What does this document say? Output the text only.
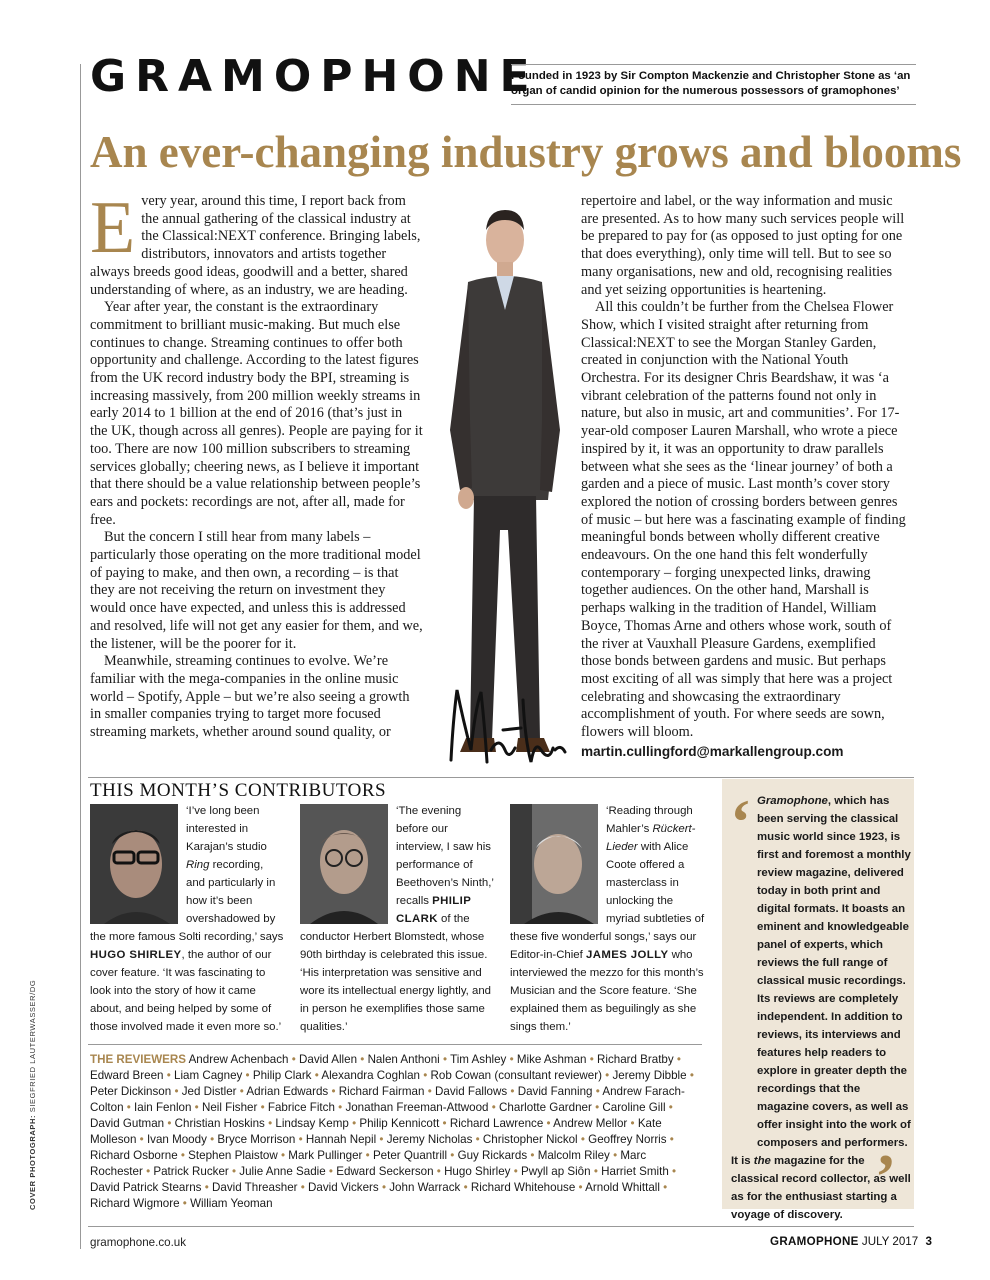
GRAMOPHONE
Founded in 1923 by Sir Compton Mackenzie and Christopher Stone as ‘an organ of candid opinion for the numerous possessors of gramophones’
An ever-changing industry grows and blooms

Every year, around this time, I report back from the annual gathering of the classical industry at the Classical:NEXT conference. Bringing labels, distributors, innovators and artists together always breeds good ideas, goodwill and a better, shared understanding of where, as an industry, we are heading.

Year after year, the constant is the extraordinary commitment to brilliant music-making. But much else continues to change. Streaming continues to offer both opportunity and challenge. According to the latest figures from the UK record industry body the BPI, streaming is increasing massively, from 200 million weekly streams in early 2014 to 1 billion at the end of 2016 (that’s just in the UK, though across all genres). People are paying for it too. There are now 100 million subscribers to streaming services globally; cheering news, as I believe it important that there should be a value relationship between people’s ears and pockets: recordings are not, after all, made for free.

But the concern I still hear from many labels – particularly those operating on the more traditional model of paying to make, and then own, a recording – is that they are not receiving the return on investment they would once have expected, and unless this is addressed and resolved, life will not get any easier for them, and we, the listener, will be the poorer for it.

Meanwhile, streaming continues to evolve. We’re familiar with the mega-companies in the online music world – Spotify, Apple – but we’re also seeing a growth in smaller companies trying to target more focused streaming markets, whether around sound quality, or

repertoire and label, or the way information and music are presented. As to how many such services people will be prepared to pay for (as opposed to just opting for one that does everything), only time will tell. But to see so many organisations, new and old, recognising realities and yet seizing opportunities is heartening.

All this couldn’t be further from the Chelsea Flower Show, which I visited straight after returning from Classical:NEXT to see the Morgan Stanley Garden, created in conjunction with the National Youth Orchestra. For its designer Chris Beardshaw, it was ‘a vibrant celebration of the patterns found not only in nature, but also in music, art and communities’. For 17-year-old composer Lauren Marshall, who wrote a piece inspired by it, it was an opportunity to draw parallels between what she sees as the ‘linear journey’ of both a garden and a piece of music. Last month’s cover story explored the notion of crossing borders between genres of music – but here was a fascinating example of finding meaningful bonds between wholly different creative endeavours. On the one hand this felt wonderfully contemporary – forging unexpected links, drawing together audiences. On the other hand, Marshall is perhaps walking in the tradition of Handel, William Boyce, Thomas Arne and others whose work, south of the river at Vauxhall Pleasure Gardens, exemplified those bonds between gardens and music. But perhaps most exciting of all was simply that here was a project celebrating and showcasing the extraordinary accomplishment of youth. For where seeds are sown, flowers will bloom.

martin.cullingford@markallengroup.com
THIS MONTH’S CONTRIBUTORS
‘I’ve long been interested in Karajan’s studio Ring recording, and particularly in how it’s been overshadowed by the more famous Solti recording,’ says HUGO SHIRLEY, the author of our cover feature. ‘It was fascinating to look into the story of how it came about, and being helped by some of those involved made it even more so.’
‘The evening before our interview, I saw his performance of Beethoven’s Ninth,’ recalls PHILIP CLARK of the conductor Herbert Blomstedt, whose 90th birthday is celebrated this issue. ‘His interpretation was sensitive and wore its intellectual energy lightly, and in person he exemplifies those same qualities.’
‘Reading through Mahler’s Rückert-Lieder with Alice Coote offered a masterclass in unlocking the myriad subtleties of these five wonderful songs,’ says our Editor-in-Chief JAMES JOLLY who interviewed the mezzo for this month’s Musician and the Score feature. ‘She explained them as beguilingly as she sings them.’
‘ Gramophone, which has been serving the classical music world since 1923, is first and foremost a monthly review magazine, delivered today in both print and digital formats. It boasts an eminent and knowledgeable panel of experts, which reviews the full range of classical music recordings. Its reviews are completely independent. In addition to reviews, its interviews and features help readers to explore in greater depth the recordings that the magazine covers, as well as offer insight into the work of composers and performers.
It is the magazine for the classical record collector, as well as for the enthusiast starting a voyage of discovery.
’
THE REVIEWERS Andrew Achenbach • David Allen • Nalen Anthoni • Tim Ashley • Mike Ashman • Richard Bratby • Edward Breen • Liam Cagney • Philip Clark • Alexandra Coghlan • Rob Cowan (consultant reviewer) • Jeremy Dibble • Peter Dickinson • Jed Distler • Adrian Edwards • Richard Fairman • David Fallows • David Fanning • Andrew Farach-Colton • Iain Fenlon • Neil Fisher • Fabrice Fitch • Jonathan Freeman-Attwood • Charlotte Gardner • Caroline Gill • David Gutman • Christian Hoskins • Lindsay Kemp • Philip Kennicott • Richard Lawrence • Andrew Mellor • Kate Molleson • Ivan Moody • Bryce Morrison • Hannah Nepil • Jeremy Nicholas • Christopher Nickol • Geoffrey Norris • Richard Osborne • Stephen Plaistow • Mark Pullinger • Peter Quantrill • Guy Rickards • Malcolm Riley • Marc Rochester • Patrick Rucker • Julie Anne Sadie • Edward Seckerson • Hugo Shirley • Pwyll ap Siôn • Harriet Smith • David Patrick Stearns • David Threasher • David Vickers • John Warrack • Richard Whitehouse • Arnold Whittall • Richard Wigmore • William Yeoman
COVER PHOTOGRAPH: SIEGFRIED LAUTERWASSER/DG
gramophone.co.uk	GRAMOPHONE JULY 2017 3
